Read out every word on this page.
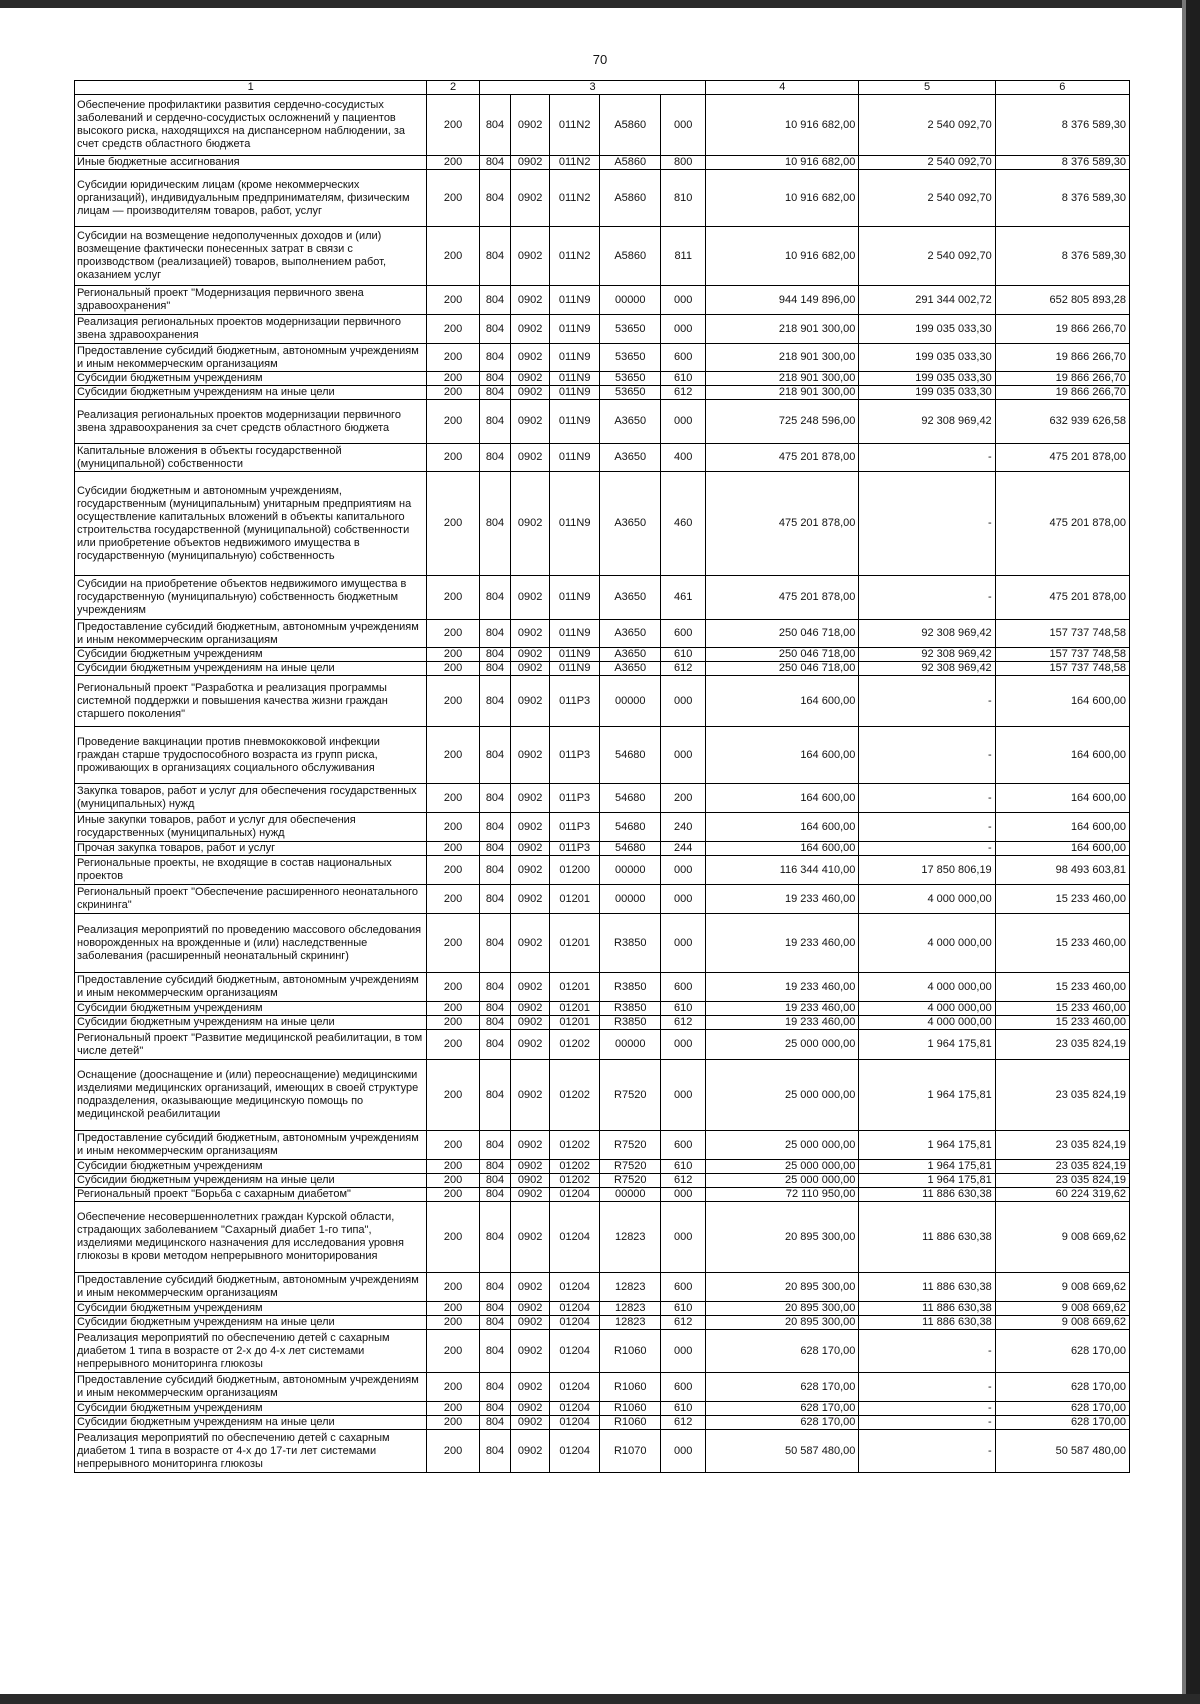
70
1	2	3					4	5	6
Обеспечение профилактики развития сердечно-сосудистых заболеваний и сердечно-сосудистых осложнений у пациентов высокого риска, находящихся на диспансерном наблюдении, за счет средств областного бюджета	200	804	0902	011N2	A5860	000	10 916 682,00	2 540 092,70	8 376 589,30
Иные бюджетные ассигнования	200	804	0902	011N2	A5860	800	10 916 682,00	2 540 092,70	8 376 589,30
Субсидии юридическим лицам (кроме некоммерческих организаций), индивидуальным предпринимателям, физическим лицам — производителям товаров, работ, услуг	200	804	0902	011N2	A5860	810	10 916 682,00	2 540 092,70	8 376 589,30
Субсидии на возмещение недополученных доходов и (или) возмещение фактически понесенных затрат в связи с производством (реализацией) товаров, выполнением работ, оказанием услуг	200	804	0902	011N2	A5860	811	10 916 682,00	2 540 092,70	8 376 589,30
Региональный проект "Модернизация первичного звена здравоохранения"	200	804	0902	011N9	00000	000	944 149 896,00	291 344 002,72	652 805 893,28
Реализация региональных проектов модернизации первичного звена здравоохранения	200	804	0902	011N9	53650	000	218 901 300,00	199 035 033,30	19 866 266,70
Предоставление субсидий бюджетным, автономным учреждениям и иным некоммерческим организациям	200	804	0902	011N9	53650	600	218 901 300,00	199 035 033,30	19 866 266,70
Субсидии бюджетным учреждениям	200	804	0902	011N9	53650	610	218 901 300,00	199 035 033,30	19 866 266,70
Субсидии бюджетным учреждениям на иные цели	200	804	0902	011N9	53650	612	218 901 300,00	199 035 033,30	19 866 266,70
Реализация региональных проектов модернизации первичного звена здравоохранения за счет средств областного бюджета	200	804	0902	011N9	A3650	000	725 248 596,00	92 308 969,42	632 939 626,58
Капитальные вложения в объекты государственной (муниципальной) собственности	200	804	0902	011N9	A3650	400	475 201 878,00	-	475 201 878,00
Субсидии бюджетным и автономным учреждениям, государственным (муниципальным) унитарным предприятиям на осуществление капитальных вложений в объекты капитального строительства государственной (муниципальной) собственности или приобретение объектов недвижимого имущества в государственную (муниципальную) собственность	200	804	0902	011N9	A3650	460	475 201 878,00	-	475 201 878,00
Субсидии на приобретение объектов недвижимого имущества в государственную (муниципальную) собственность бюджетным учреждениям	200	804	0902	011N9	A3650	461	475 201 878,00	-	475 201 878,00
Предоставление субсидий бюджетным, автономным учреждениям и иным некоммерческим организациям	200	804	0902	011N9	A3650	600	250 046 718,00	92 308 969,42	157 737 748,58
Субсидии бюджетным учреждениям	200	804	0902	011N9	A3650	610	250 046 718,00	92 308 969,42	157 737 748,58
Субсидии бюджетным учреждениям на иные цели	200	804	0902	011N9	A3650	612	250 046 718,00	92 308 969,42	157 737 748,58
Региональный проект "Разработка и реализация программы системной поддержки и повышения качества жизни граждан старшего поколения"	200	804	0902	011P3	00000	000	164 600,00	-	164 600,00
Проведение вакцинации против пневмококковой инфекции граждан старше трудоспособного возраста из групп риска, проживающих в организациях социального обслуживания	200	804	0902	011P3	54680	000	164 600,00	-	164 600,00
Закупка товаров, работ и услуг для обеспечения государственных (муниципальных) нужд	200	804	0902	011P3	54680	200	164 600,00	-	164 600,00
Иные закупки товаров, работ и услуг для обеспечения государственных (муниципальных) нужд	200	804	0902	011P3	54680	240	164 600,00	-	164 600,00
Прочая закупка товаров, работ и услуг	200	804	0902	011P3	54680	244	164 600,00	-	164 600,00
Региональные проекты, не входящие в состав национальных проектов	200	804	0902	01200	00000	000	116 344 410,00	17 850 806,19	98 493 603,81
Региональный проект "Обеспечение расширенного неонатального скрининга"	200	804	0902	01201	00000	000	19 233 460,00	4 000 000,00	15 233 460,00
Реализация мероприятий по проведению массового обследования новорожденных на врожденные и (или) наследственные заболевания (расширенный неонатальный скрининг)	200	804	0902	01201	R3850	000	19 233 460,00	4 000 000,00	15 233 460,00
Предоставление субсидий бюджетным, автономным учреждениям и иным некоммерческим организациям	200	804	0902	01201	R3850	600	19 233 460,00	4 000 000,00	15 233 460,00
Субсидии бюджетным учреждениям	200	804	0902	01201	R3850	610	19 233 460,00	4 000 000,00	15 233 460,00
Субсидии бюджетным учреждениям на иные цели	200	804	0902	01201	R3850	612	19 233 460,00	4 000 000,00	15 233 460,00
Региональный проект "Развитие медицинской реабилитации, в том числе детей"	200	804	0902	01202	00000	000	25 000 000,00	1 964 175,81	23 035 824,19
Оснащение (дооснащение и (или) переоснащение) медицинскими изделиями медицинских организаций, имеющих в своей структуре подразделения, оказывающие медицинскую помощь по медицинской реабилитации	200	804	0902	01202	R7520	000	25 000 000,00	1 964 175,81	23 035 824,19
Предоставление субсидий бюджетным, автономным учреждениям и иным некоммерческим организациям	200	804	0902	01202	R7520	600	25 000 000,00	1 964 175,81	23 035 824,19
Субсидии бюджетным учреждениям	200	804	0902	01202	R7520	610	25 000 000,00	1 964 175,81	23 035 824,19
Субсидии бюджетным учреждениям на иные цели	200	804	0902	01202	R7520	612	25 000 000,00	1 964 175,81	23 035 824,19
Региональный проект "Борьба с сахарным диабетом"	200	804	0902	01204	00000	000	72 110 950,00	11 886 630,38	60 224 319,62
Обеспечение несовершеннолетних граждан Курской области, страдающих заболеванием "Сахарный диабет 1-го типа", изделиями медицинского назначения для исследования уровня глюкозы в крови методом непрерывного мониторирования	200	804	0902	01204	12823	000	20 895 300,00	11 886 630,38	9 008 669,62
Предоставление субсидий бюджетным, автономным учреждениям и иным некоммерческим организациям	200	804	0902	01204	12823	600	20 895 300,00	11 886 630,38	9 008 669,62
Субсидии бюджетным учреждениям	200	804	0902	01204	12823	610	20 895 300,00	11 886 630,38	9 008 669,62
Субсидии бюджетным учреждениям на иные цели	200	804	0902	01204	12823	612	20 895 300,00	11 886 630,38	9 008 669,62
Реализация мероприятий по обеспечению детей с сахарным диабетом 1 типа в возрасте от 2-х до 4-х лет системами непрерывного мониторинга глюкозы	200	804	0902	01204	R1060	000	628 170,00	-	628 170,00
Предоставление субсидий бюджетным, автономным учреждениям и иным некоммерческим организациям	200	804	0902	01204	R1060	600	628 170,00	-	628 170,00
Субсидии бюджетным учреждениям	200	804	0902	01204	R1060	610	628 170,00	-	628 170,00
Субсидии бюджетным учреждениям на иные цели	200	804	0902	01204	R1060	612	628 170,00	-	628 170,00
Реализация мероприятий по обеспечению детей с сахарным диабетом 1 типа в возрасте от 4-х до 17-ти лет системами непрерывного мониторинга глюкозы	200	804	0902	01204	R1070	000	50 587 480,00	-	50 587 480,00
